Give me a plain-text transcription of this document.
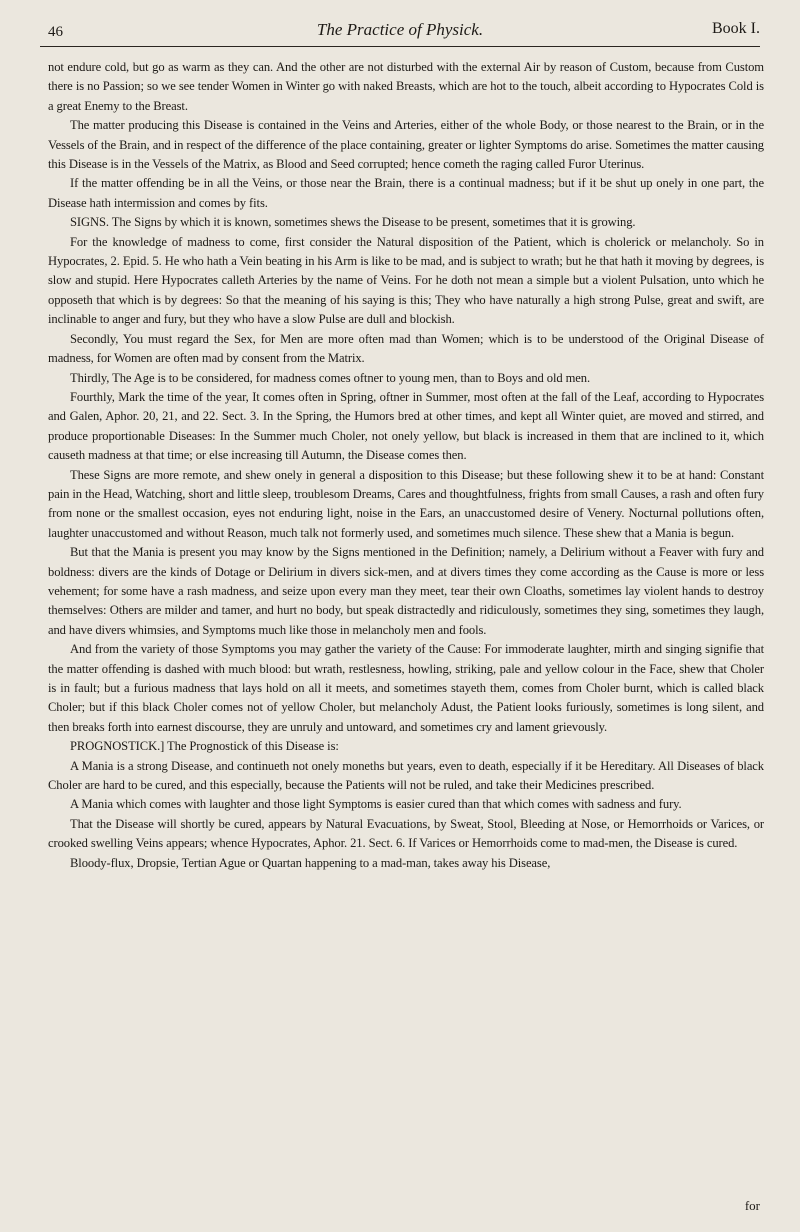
46	The Practice of Physick.	Book I.

not endure cold, but go as warm as they can. And the other are not disturbed with the external Air by reason of Custom, because from Custom there is no Passion; so we see tender Women in Winter go with naked Breasts, which are hot to the touch, albeit according to Hypocrates Cold is a great Enemy to the Breast.

The matter producing this Disease is contained in the Veins and Arteries, either of the whole Body, or those nearest to the Brain, or in the Vessels of the Brain, and in respect of the difference of the place containing, greater or lighter Symptoms do arise. Sometimes the matter causing this Disease is in the Vessels of the Matrix, as Blood and Seed corrupted; hence cometh the raging called Furor Uterinus.

If the matter offending be in all the Veins, or those near the Brain, there is a continual madness; but if it be shut up onely in one part, the Disease hath intermission and comes by fits.

SIGNS. The Signs by which it is known, sometimes shews the Disease to be present, sometimes that it is growing.

For the knowledge of madness to come, first consider the Natural disposition of the Patient, which is cholerick or melancholy. So in Hypocrates, 2. Epid. 5. He who hath a Vein beating in his Arm is like to be mad, and is subject to wrath; but he that hath it moving by degrees, is slow and stupid. Here Hypocrates calleth Arteries by the name of Veins. For he doth not mean a simple but a violent Pulsation, unto which he opposeth that which is by degrees: So that the meaning of his saying is this; They who have naturally a high strong Pulse, great and swift, are inclinable to anger and fury, but they who have a slow Pulse are dull and blockish.

Secondly, You must regard the Sex, for Men are more often mad than Women; which is to be understood of the Original Disease of madness, for Women are often mad by consent from the Matrix.

Thirdly, The Age is to be considered, for madness comes oftner to young men, than to Boys and old men.

Fourthly, Mark the time of the year, It comes often in Spring, oftner in Summer, most often at the fall of the Leaf, according to Hypocrates and Galen, Aphor. 20, 21, and 22. Sect. 3. In the Spring, the Humors bred at other times, and kept all Winter quiet, are moved and stirred, and produce proportionable Diseases: In the Summer much Choler, not onely yellow, but black is increased in them that are inclined to it, which causeth madness at that time; or else increasing till Autumn, the Disease comes then.

These Signs are more remote, and shew onely in general a disposition to this Disease; but these following shew it to be at hand: Constant pain in the Head, Watching, short and little sleep, troublesom Dreams, Cares and thoughtfulness, frights from small Causes, a rash and often fury from none or the smallest occasion, eyes not enduring light, noise in the Ears, an unaccustomed desire of Venery. Nocturnal pollutions often, laughter unaccustomed and without Reason, much talk not formerly used, and sometimes much silence. These shew that a Mania is begun.

But that the Mania is present you may know by the Signs mentioned in the Definition; namely, a Delirium without a Feaver with fury and boldness: divers are the kinds of Dotage or Delirium in divers sick-men, and at divers times they come according as the Cause is more or less vehement; for some have a rash madness, and seize upon every man they meet, tear their own Cloaths, sometimes lay violent hands to destroy themselves: Others are milder and tamer, and hurt no body, but speak distractedly and ridiculously, sometimes they sing, sometimes they laugh, and have divers whimsies, and Symptoms much like those in melancholy men and fools.

And from the variety of those Symptoms you may gather the variety of the Cause: For immoderate laughter, mirth and singing signifie that the matter offending is dashed with much blood: but wrath, restlesness, howling, striking, pale and yellow colour in the Face, shew that Choler is in fault; but a furious madness that lays hold on all it meets, and sometimes stayeth them, comes from Choler burnt, which is called black Choler; but if this black Choler comes not of yellow Choler, but melancholy Adust, the Patient looks furiously, sometimes is long silent, and then breaks forth into earnest discourse, they are unruly and untoward, and sometimes cry and lament grievously.

PROGNOSTICK.] The Prognostick of this Disease is:

A Mania is a strong Disease, and continueth not onely moneths but years, even to death, especially if it be Hereditary. All Diseases of black Choler are hard to be cured, and this especially, because the Patients will not be ruled, and take their Medicines prescribed.

A Mania which comes with laughter and those light Symptoms is easier cured than that which comes with sadness and fury.

That the Disease will shortly be cured, appears by Natural Evacuations, by Sweat, Stool, Bleeding at Nose, or Hemorrhoids or Varices, or crooked swelling Veins appears; whence Hypocrates, Aphor. 21. Sect. 6. If Varices or Hemorrhoids come to mad-men, the Disease is cured.

Bloody-flux, Dropsie, Tertian Ague or Quartan happening to a mad-man, takes away his Disease,

for
